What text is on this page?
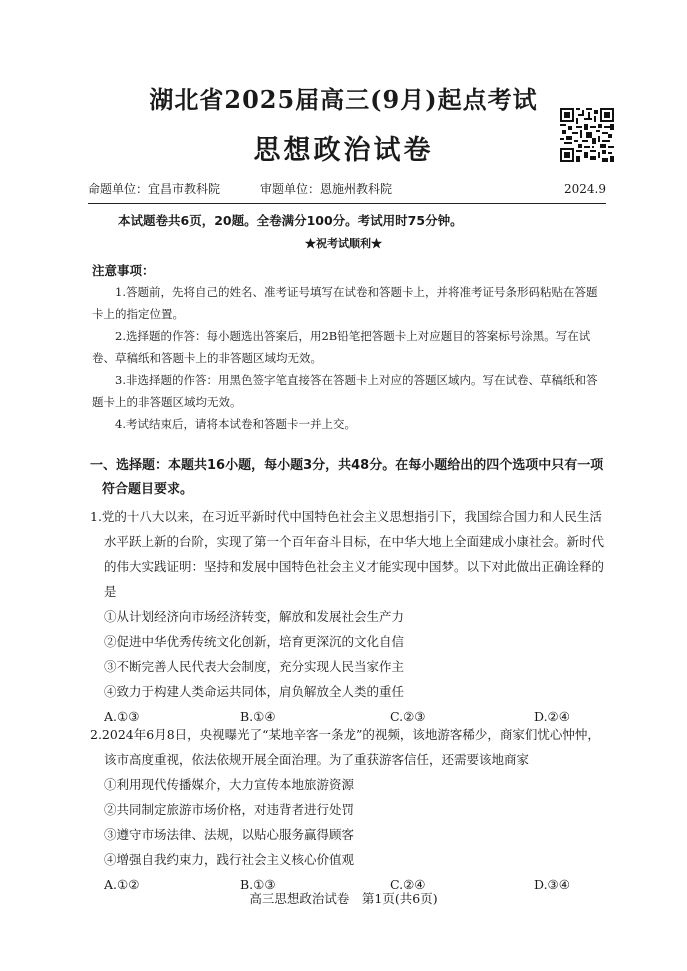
湖北省2025届高三(9月)起点考试
思想政治试卷
命题单位：宜昌市教科院	审题单位：恩施州教科院	2024.9
本试题卷共6页，20题。全卷满分100分。考试用时75分钟。
★祝考试顺利★
注意事项：

1.答题前，先将自己的姓名、准考证号填写在试卷和答题卡上，并将准考证号条形码粘贴在答题卡上的指定位置。

2.选择题的作答：每小题选出答案后，用2B铅笔把答题卡上对应题目的答案标号涂黑。写在试卷、草稿纸和答题卡上的非答题区域均无效。

3.非选择题的作答：用黑色签字笔直接答在答题卡上对应的答题区域内。写在试卷、草稿纸和答题卡上的非答题区域均无效。

4.考试结束后，请将本试卷和答题卡一并上交。

一、选择题：本题共16小题，每小题3分，共48分。在每小题给出的四个选项中只有一项
符合题目要求。

1.党的十八大以来，在习近平新时代中国特色社会主义思想指引下，我国综合国力和人民生活水平跃上新的台阶，实现了第一个百年奋斗目标，在中华大地上全面建成小康社会。新时代的伟大实践证明：坚持和发展中国特色社会主义才能实现中国梦。以下对此做出正确诠释的是

①从计划经济向市场经济转变，解放和发展社会生产力

②促进中华优秀传统文化创新，培育更深沉的文化自信

③不断完善人民代表大会制度，充分实现人民当家作主

④致力于构建人类命运共同体，肩负解放全人类的重任

A.①③	B.①④	C.②③	D.②④

2.2024年6月8日，央视曝光了“某地辛客一条龙”的视频，该地游客稀少，商家们忧心忡忡，该市高度重视，依法依规开展全面治理。为了重获游客信任，还需要该地商家

①利用现代传播媒介，大力宣传本地旅游资源

②共同制定旅游市场价格，对违背者进行处罚

③遵守市场法律、法规，以贴心服务赢得顾客

④增强自我约束力，践行社会主义核心价值观

A.①②	B.①③	C.②④	D.③④
高三思想政治试卷　第1页(共6页)
